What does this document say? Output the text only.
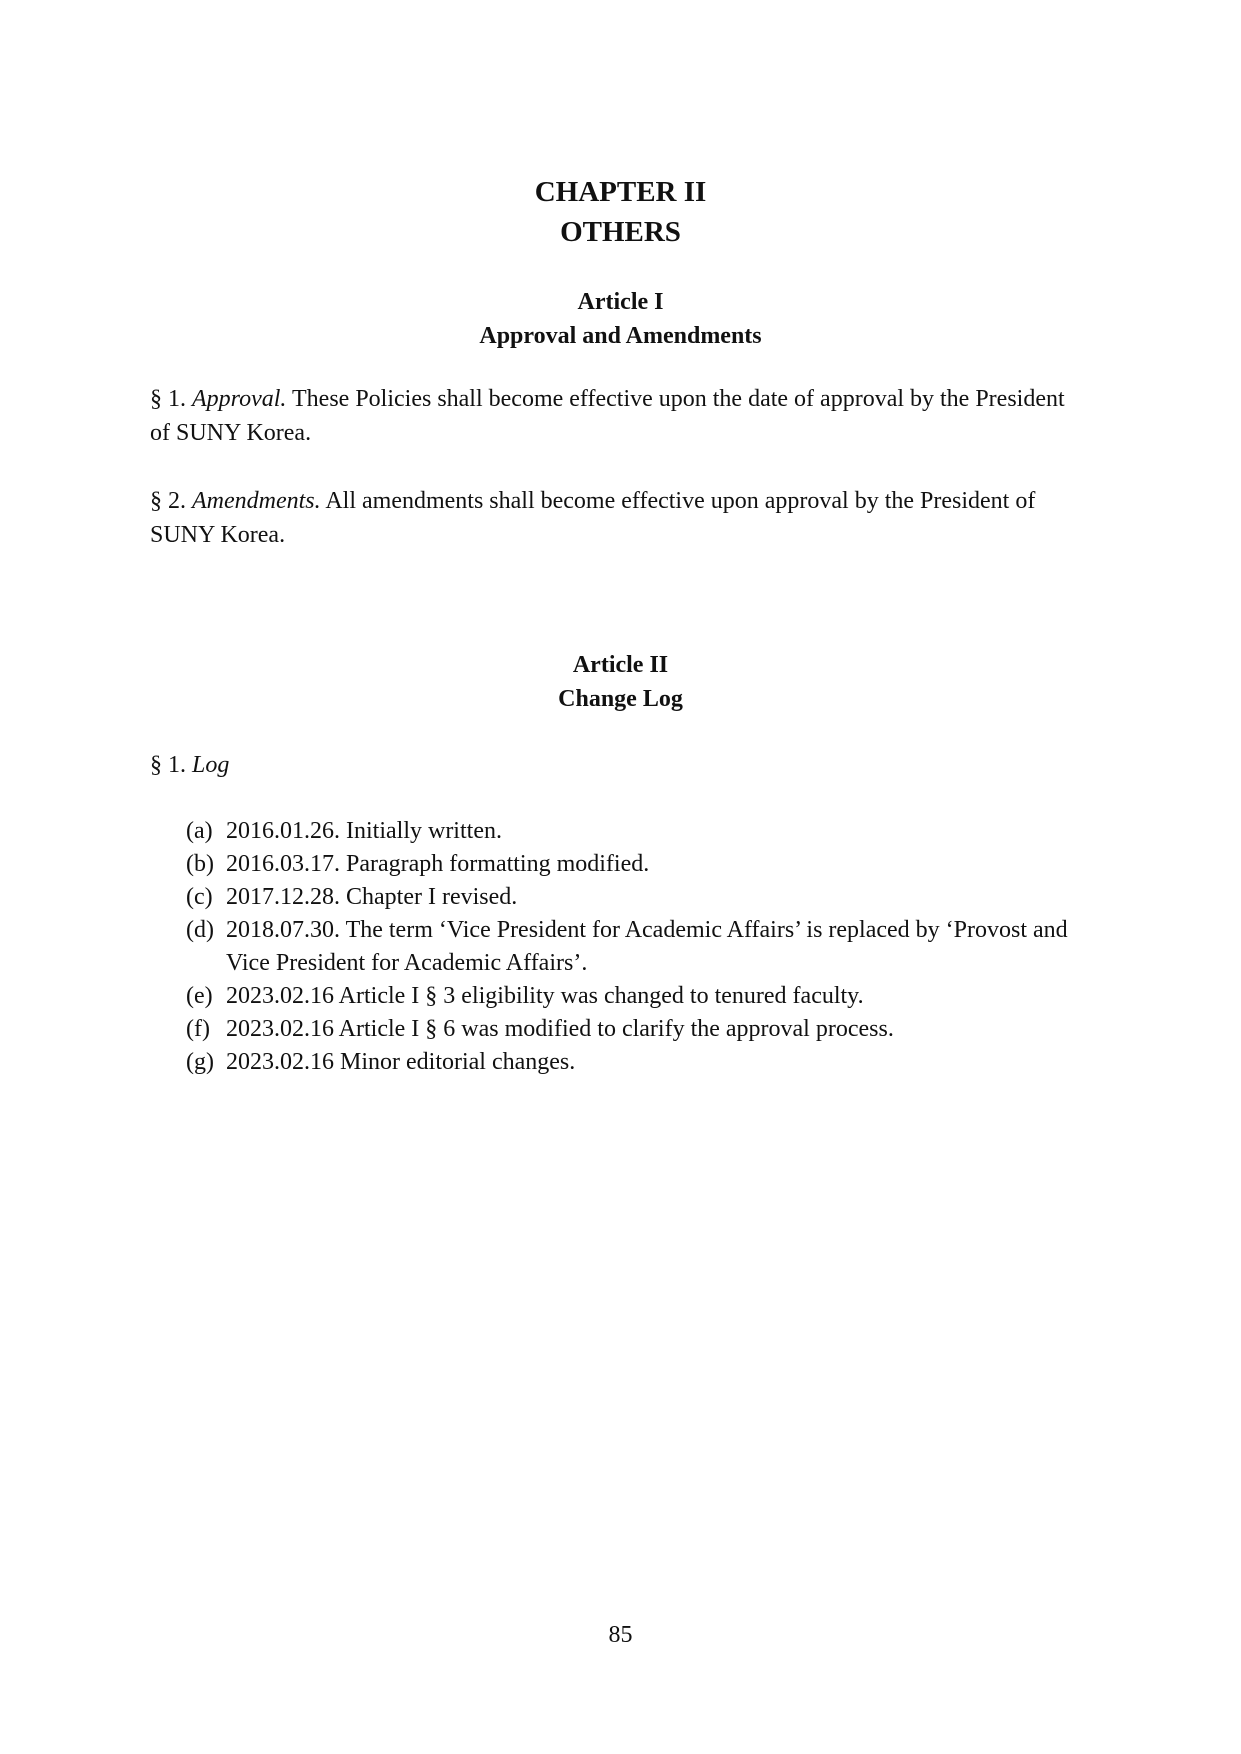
CHAPTER II
OTHERS
Article I
Approval and Amendments

§ 1. Approval. These Policies shall become effective upon the date of approval by the President of SUNY Korea.

§ 2. Amendments. All amendments shall become effective upon approval by the President of SUNY Korea.

Article II
Change Log

§ 1. Log

(a) 2016.01.26. Initially written.
(b) 2016.03.17. Paragraph formatting modified.
(c) 2017.12.28. Chapter I revised.
(d) 2018.07.30. The term ‘Vice President for Academic Affairs’ is replaced by ‘Provost and Vice President for Academic Affairs’.
(e) 2023.02.16 Article I § 3 eligibility was changed to tenured faculty.
(f) 2023.02.16 Article I § 6 was modified to clarify the approval process.
(g) 2023.02.16 Minor editorial changes.
85
